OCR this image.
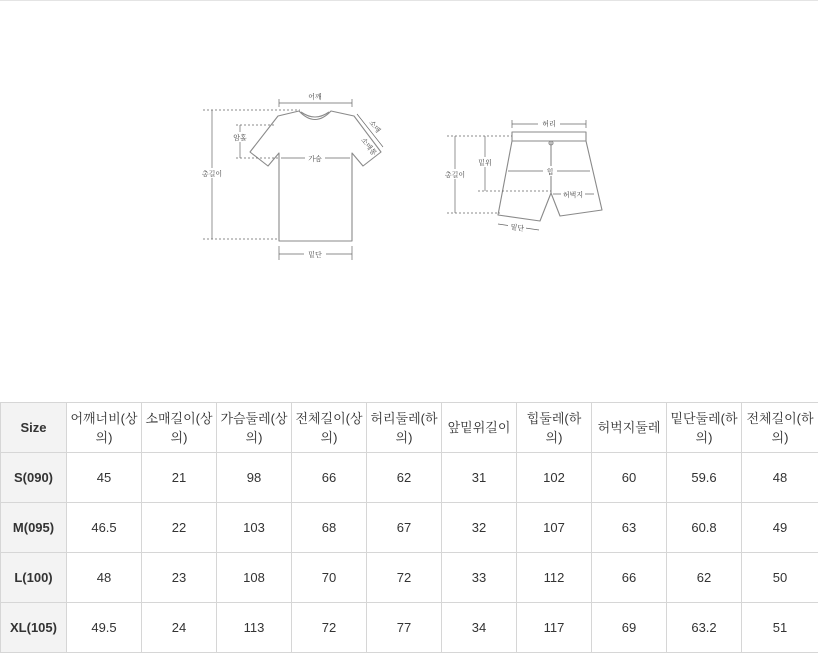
어깨
총길이
암홀
가슴
소매
소매통
밑단
허리
총길이
밑위
힙
허벅지
밑단
Size	어깨너비(상의)	소매길이(상의)	가슴둘레(상의)	전체길이(상의)	허리둘레(하의)	앞밑위길이	힙둘레(하의)	허벅지둘레	밑단둘레(하의)	전체길이(하의)
S(090)	45	21	98	66	62	31	102	60	59.6	48
M(095)	46.5	22	103	68	67	32	107	63	60.8	49
L(100)	48	23	108	70	72	33	112	66	62	50
XL(105)	49.5	24	113	72	77	34	117	69	63.2	51
